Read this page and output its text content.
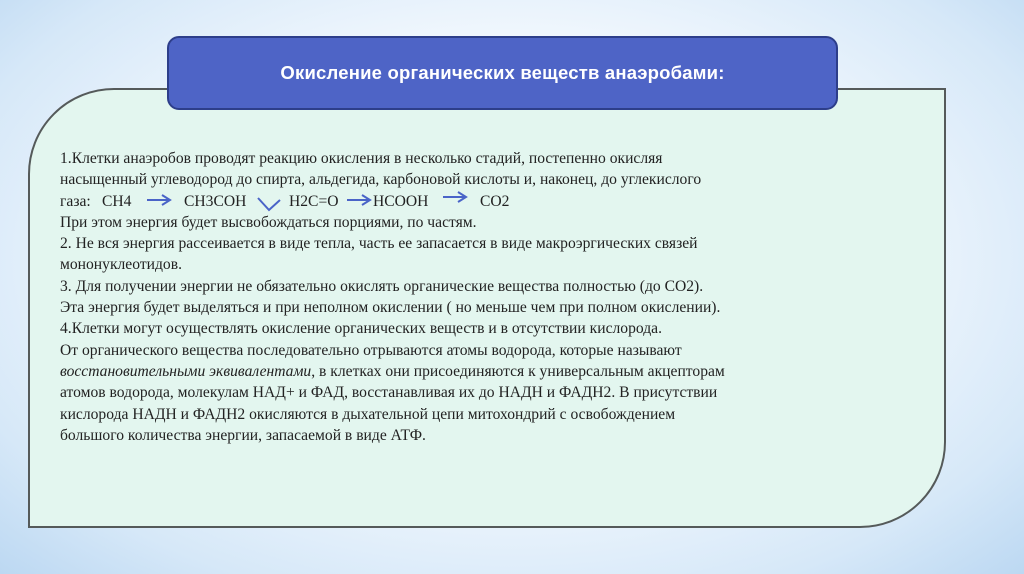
Окисление органических веществ анаэробами:

1.Клетки анаэробов проводят реакцию окисления в несколько стадий, постепенно окисляя

насыщенный углеводород до спирта, альдегида, карбоновой кислоты и, наконец, до углекислого

газа: CH4	CH3COH	H2C=O HCOOH	CO2

При этом энергия будет высвобождаться порциями, по частям.

2. Не вся энергия рассеивается в виде тепла, часть ее запасается в виде макроэргических связей

мононуклеотидов.

3. Для получении энергии не обязательно окислять органические вещества полностью (до CO2).

Эта энергия будет выделяться и при неполном окислении ( но меньше чем при полном окислении).

4.Клетки могут осуществлять окисление органических веществ и в отсутствии кислорода.

От органического вещества последовательно отрываются атомы водорода, которые называют

восстановительными эквивалентами, в клетках они присоединяются к универсальным акцепторам

атомов водорода, молекулам НАД+ и ФАД, восстанавливая их до НАДН и ФАДН2. В присутствии

кислорода НАДН и ФАДН2 окисляются в дыхательной цепи митохондрий с освобождением

большого количества энергии, запасаемой в виде АТФ.
